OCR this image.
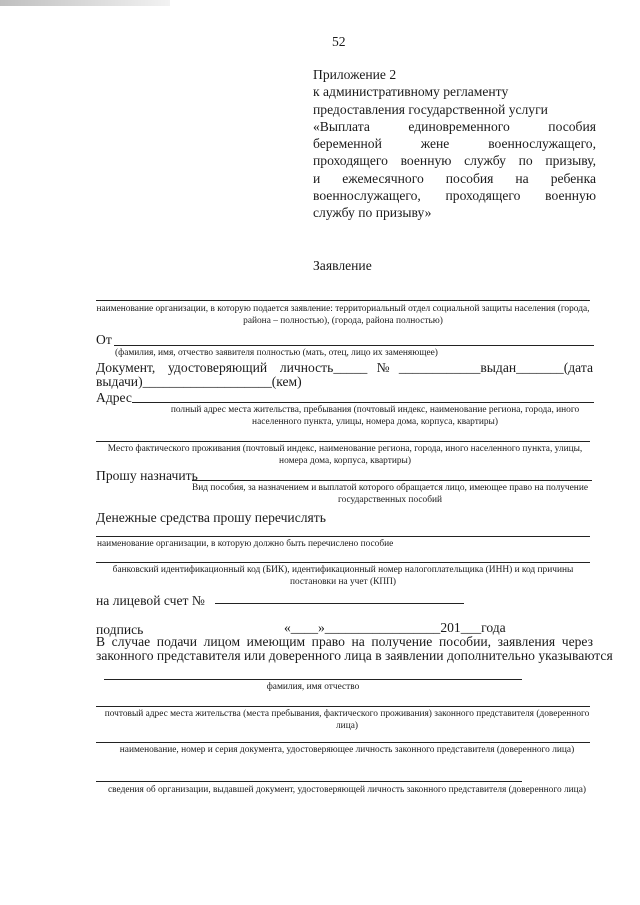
52
Приложение 2
к административному регламенту
предоставления государственной услуги
«Выплата единовременного пособия
беременной жене военнослужащего,
проходящего военную службу по призыву,
и ежемесячного пособия на ребенка
военнослужащего, проходящего военную
службу по призыву»
Заявление
наименование организации, в которую подается заявление: территориальный отдел социальной защиты населения (города, района – полностью), (города, района полностью)
От
(фамилия, имя, отчество заявителя полностью (мать, отец, лицо их заменяющее)
Документ, удостоверяющий личность_____№____________выдан_______(дата
выдачи)___________________(кем)
Адрес
полный адрес места жительства, пребывания (почтовый индекс, наименование региона, города, иного населенного пункта, улицы, номера дома, корпуса, квартиры)
Место фактического проживания (почтовый индекс, наименование региона, города, иного населенного пункта, улицы, номера дома, корпуса, квартиры)
Прошу назначить
Вид пособия, за назначением и выплатой которого обращается лицо, имеющее право на получение государственных пособий
Денежные средства прошу перечислять
наименование организации, в которую должно быть перечислено пособие
банковский идентификационный код (БИК), идентификационный номер налогоплательщика (ИНН) и код причины постановки на учет (КПП)
на лицевой счет №
подпись	«____»_________________201___года
В случае подачи лицом имеющим право на получение пособии, заявления через
законного представителя или доверенного лица в заявлении дополнительно указываются
фамилия, имя отчество
почтовый адрес места жительства (места пребывания, фактического проживания) законного представителя (доверенного лица)
наименование, номер и серия документа, удостоверяющее личность законного представителя (доверенного лица)
сведения об организации, выдавшей документ, удостоверяющей личность законного представителя (доверенного лица)
